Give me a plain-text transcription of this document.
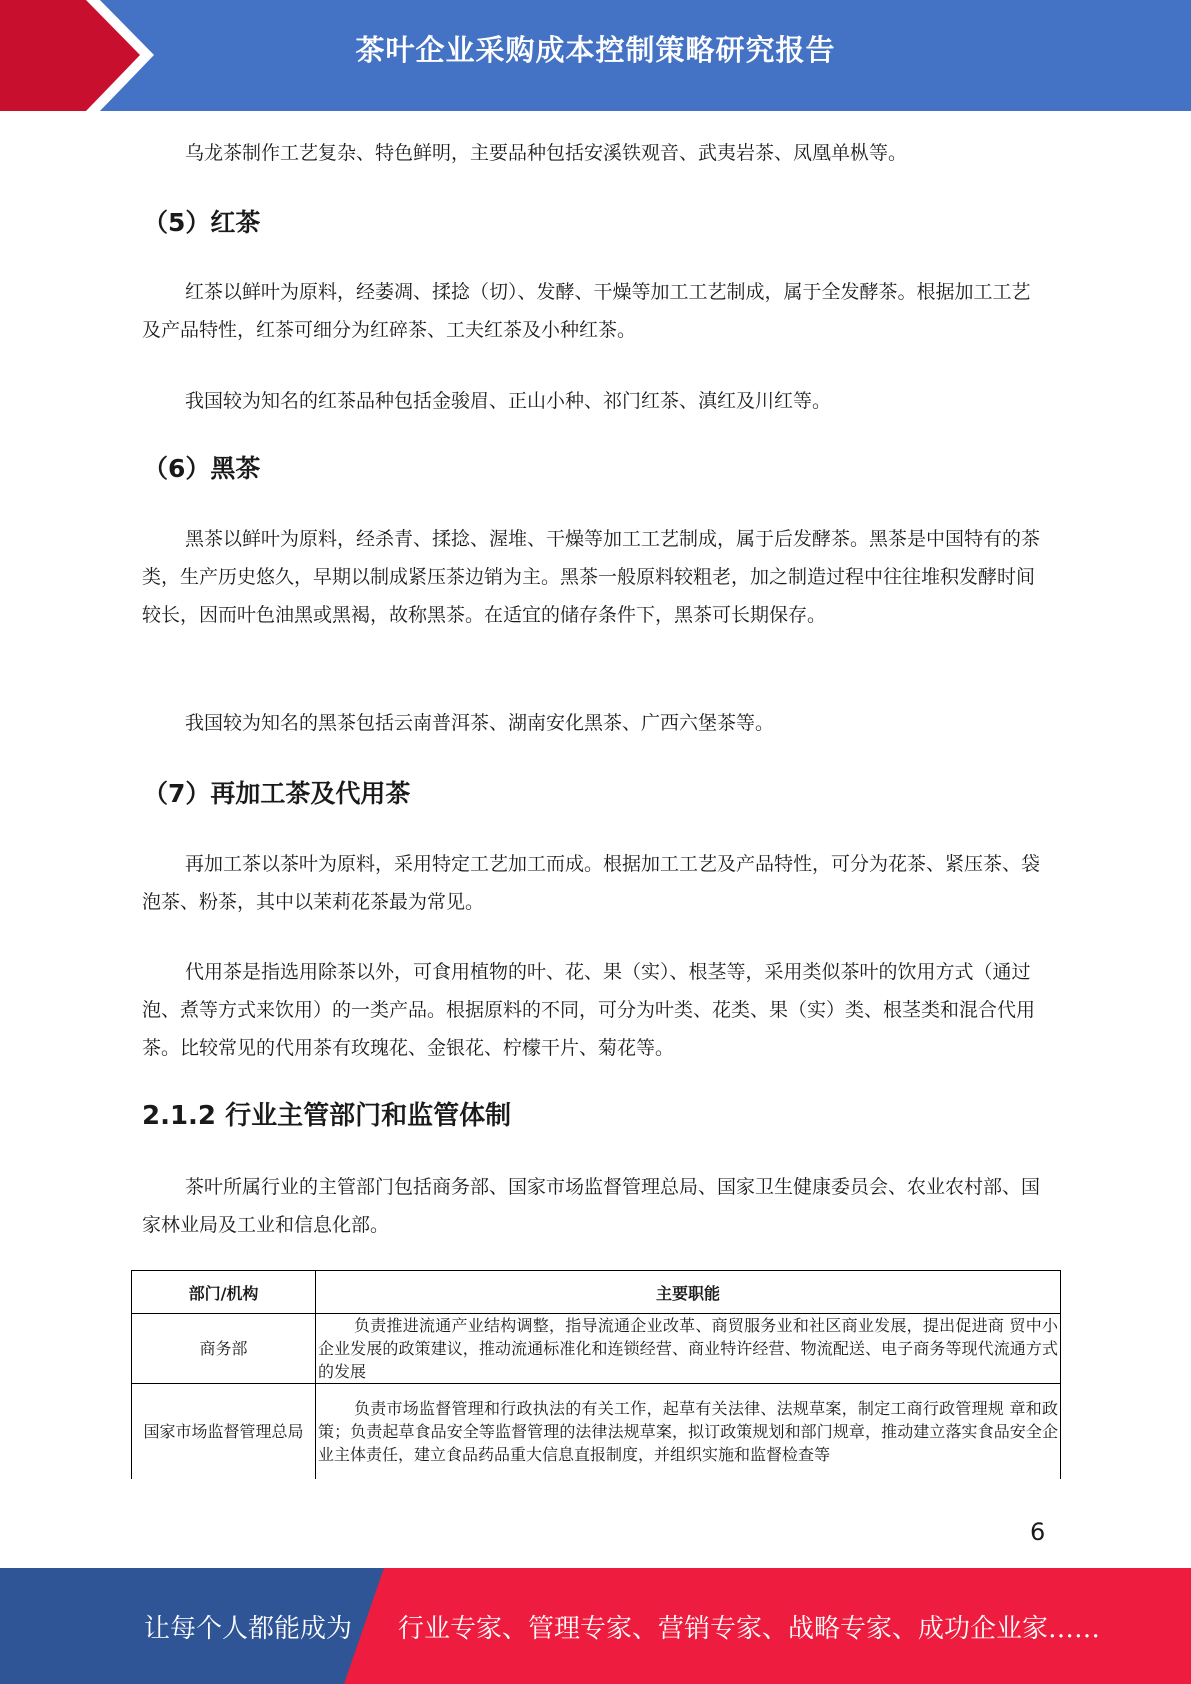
茶叶企业采购成本控制策略研究报告

乌龙茶制作工艺复杂、特色鲜明，主要品种包括安溪铁观音、武夷岩茶、凤凰单枞等。

（5）红茶

红茶以鲜叶为原料，经萎凋、揉捻（切）、发酵、干燥等加工工艺制成，属于全发酵茶。根据加工工艺及产品特性，红茶可细分为红碎茶、工夫红茶及小种红茶。

我国较为知名的红茶品种包括金骏眉、正山小种、祁门红茶、滇红及川红等。

（6）黑茶

黑茶以鲜叶为原料，经杀青、揉捻、渥堆、干燥等加工工艺制成，属于后发酵茶。黑茶是中国特有的茶类，生产历史悠久，早期以制成紧压茶边销为主。黑茶一般原料较粗老，加之制造过程中往往堆积发酵时间较长，因而叶色油黑或黑褐，故称黑茶。在适宜的储存条件下，黑茶可长期保存。

我国较为知名的黑茶包括云南普洱茶、湖南安化黑茶、广西六堡茶等。

（7）再加工茶及代用茶

再加工茶以茶叶为原料，采用特定工艺加工而成。根据加工工艺及产品特性，可分为花茶、紧压茶、袋泡茶、粉茶，其中以茉莉花茶最为常见。

代用茶是指选用除茶以外，可食用植物的叶、花、果（实）、根茎等，采用类似茶叶的饮用方式（通过泡、煮等方式来饮用）的一类产品。根据原料的不同，可分为叶类、花类、果（实）类、根茎类和混合代用茶。比较常见的代用茶有玫瑰花、金银花、柠檬干片、菊花等。

2.1.2 行业主管部门和监管体制

茶叶所属行业的主管部门包括商务部、国家市场监督管理总局、国家卫生健康委员会、农业农村部、国家林业局及工业和信息化部。

部门/机构	主要职能
商务部	负责推进流通产业结构调整，指导流通企业改革、商贸服务业和社区商业发展，提出促进商 贸中小企业发展的政策建议，推动流通标准化和连锁经营、商业特许经营、物流配送、电子商务等现代流通方式的发展
国家市场监督管理总局	负责市场监督管理和行政执法的有关工作，起草有关法律、法规草案，制定工商行政管理规 章和政策；负责起草食品安全等监督管理的法律法规草案，拟订政策规划和部门规章，推动建立落实食品安全企业主体责任，建立食品药品重大信息直报制度，并组织实施和监督检查等
6
让每个人都能成为 行业专家、管理专家、营销专家、战略专家、成功企业家……
